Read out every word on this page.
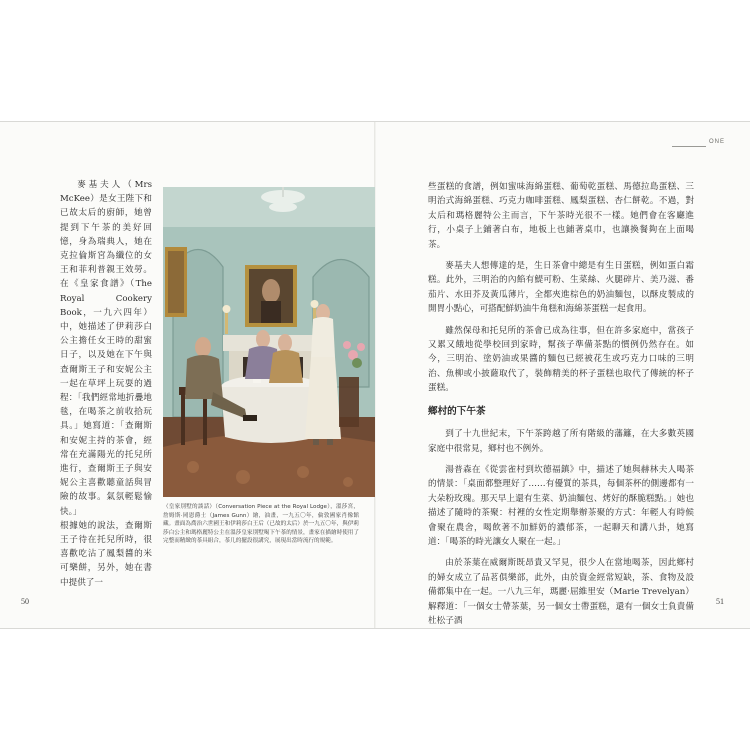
ONE

麥基夫人（Mrs McKee）是女王陛下和已故太后的廚師，她曾提到下午茶的美好回憶，身為瑞典人，她在克拉倫斯宮為纖位的女王和菲利普親王效勞。在《皇家食譜》（The Royal Cookery Book，一九六四年）中，她描述了伊莉莎白公主擔任女王時的甜蜜日子，以及她在下午與查爾斯王子和安妮公主一起在草坪上玩耍的過程：「我們經常地折疊地毯，在喝茶之前收拾玩具。」她寫道：「查爾斯和安妮主持的茶會，經常在充滿陽光的托兒所進行，查爾斯王子與安妮公主喜歡聽童話與冒險的故事。氣氛輕鬆愉快。」

根據她的說法，查爾斯王子待在托兒所時，很喜歡吃沾了鳳梨醬的米可樂餅，另外，她在書中提供了一

（皇家別墅的談話）（Conversation Piece at the Royal Lodge），溫莎宮，詹姆斯·岡恩爵士（James Gunn）繪，油畫，一九五〇年，倫敦國家肖像館藏。畫面為喬治六世國王和伊莉莎白王后（已故的太后）於一九五〇年，與伊莉莎白公主和瑪格麗特公主在溫莎皇家別墅喝下午茶的情景，畫家在描繪時使用了完整而精緻的茶具組合，茶几的擺設很講究，展現出當時流行的規範。
50

些蛋糕的食譜，例如蜜味海綿蛋糕、葡萄乾蛋糕、馬德拉島蛋糕、三明治式海綿蛋糕、巧克力咖啡蛋糕、鳳梨蛋糕、杏仁餅乾。不過，對太后和瑪格麗特公主而言，下午茶時光很不一樣。她們會在客廳進行，小桌子上鋪著白布，地板上也鋪著桌巾，也讓換餐夠在上面喝茶。

麥基夫人想傳達的是，生日茶會中總是有生日蛋糕，例如蛋白霜糕。此外，三明治的內餡有鯷可粉、生菜絲、火腿碎片、美乃滋、番茄片、水田芥及黃瓜薄片，全都夾進棕色的奶油麵包，以酥皮製成的開胃小點心，可搭配鮮奶油牛角糕和海綿茶蛋糕一起食用。

雖然保母和托兒所的茶會已成為往事，但在許多家庭中，當孩子又累又餓地從學校回到家時，幫孩子準備茶點的慣例仍然存在。如今，三明治、塗奶油或果醬的麵包已經被花生或巧克力口味的三明治、魚柳或小披薩取代了，裝飾精美的杯子蛋糕也取代了傳統的杯子蛋糕。

鄉村的下午茶

到了十九世紀末，下午茶跨越了所有階級的藩籬，在大多數英國家庭中很常見，鄉村也不例外。

湯普森在《從雲雀村到坎德福鎮》中，描述了她與赫林夫人喝茶的情景：「桌面都整理好了……有優質的茶具，每個茶杯的側邊都有一大朵粉玫瑰。那天早上還有生菜、奶油麵包、烤好的酥脆糕點。」她也描述了隨時的茶聚：村裡的女性定期舉辦茶聚的方式：年輕人有時候會聚在農舍，喝飲著不加鮮奶的濃郁茶，一起聊天和講八卦，她寫道：「喝茶的時光讓女人聚在一起。」

由於茶葉在威爾斯既昂貴又罕見，很少人在當地喝茶，因此鄉村的婦女成立了品茗俱樂部，此外，由於資金經常短缺，茶、食物及設備都集中在一起。一八九三年，瑪麗·屈維里安（Marie Trevelyan）解釋道：「一個女士帶茶葉，另一個女士帶蛋糕，還有一個女士負責備杜松子酒

51
